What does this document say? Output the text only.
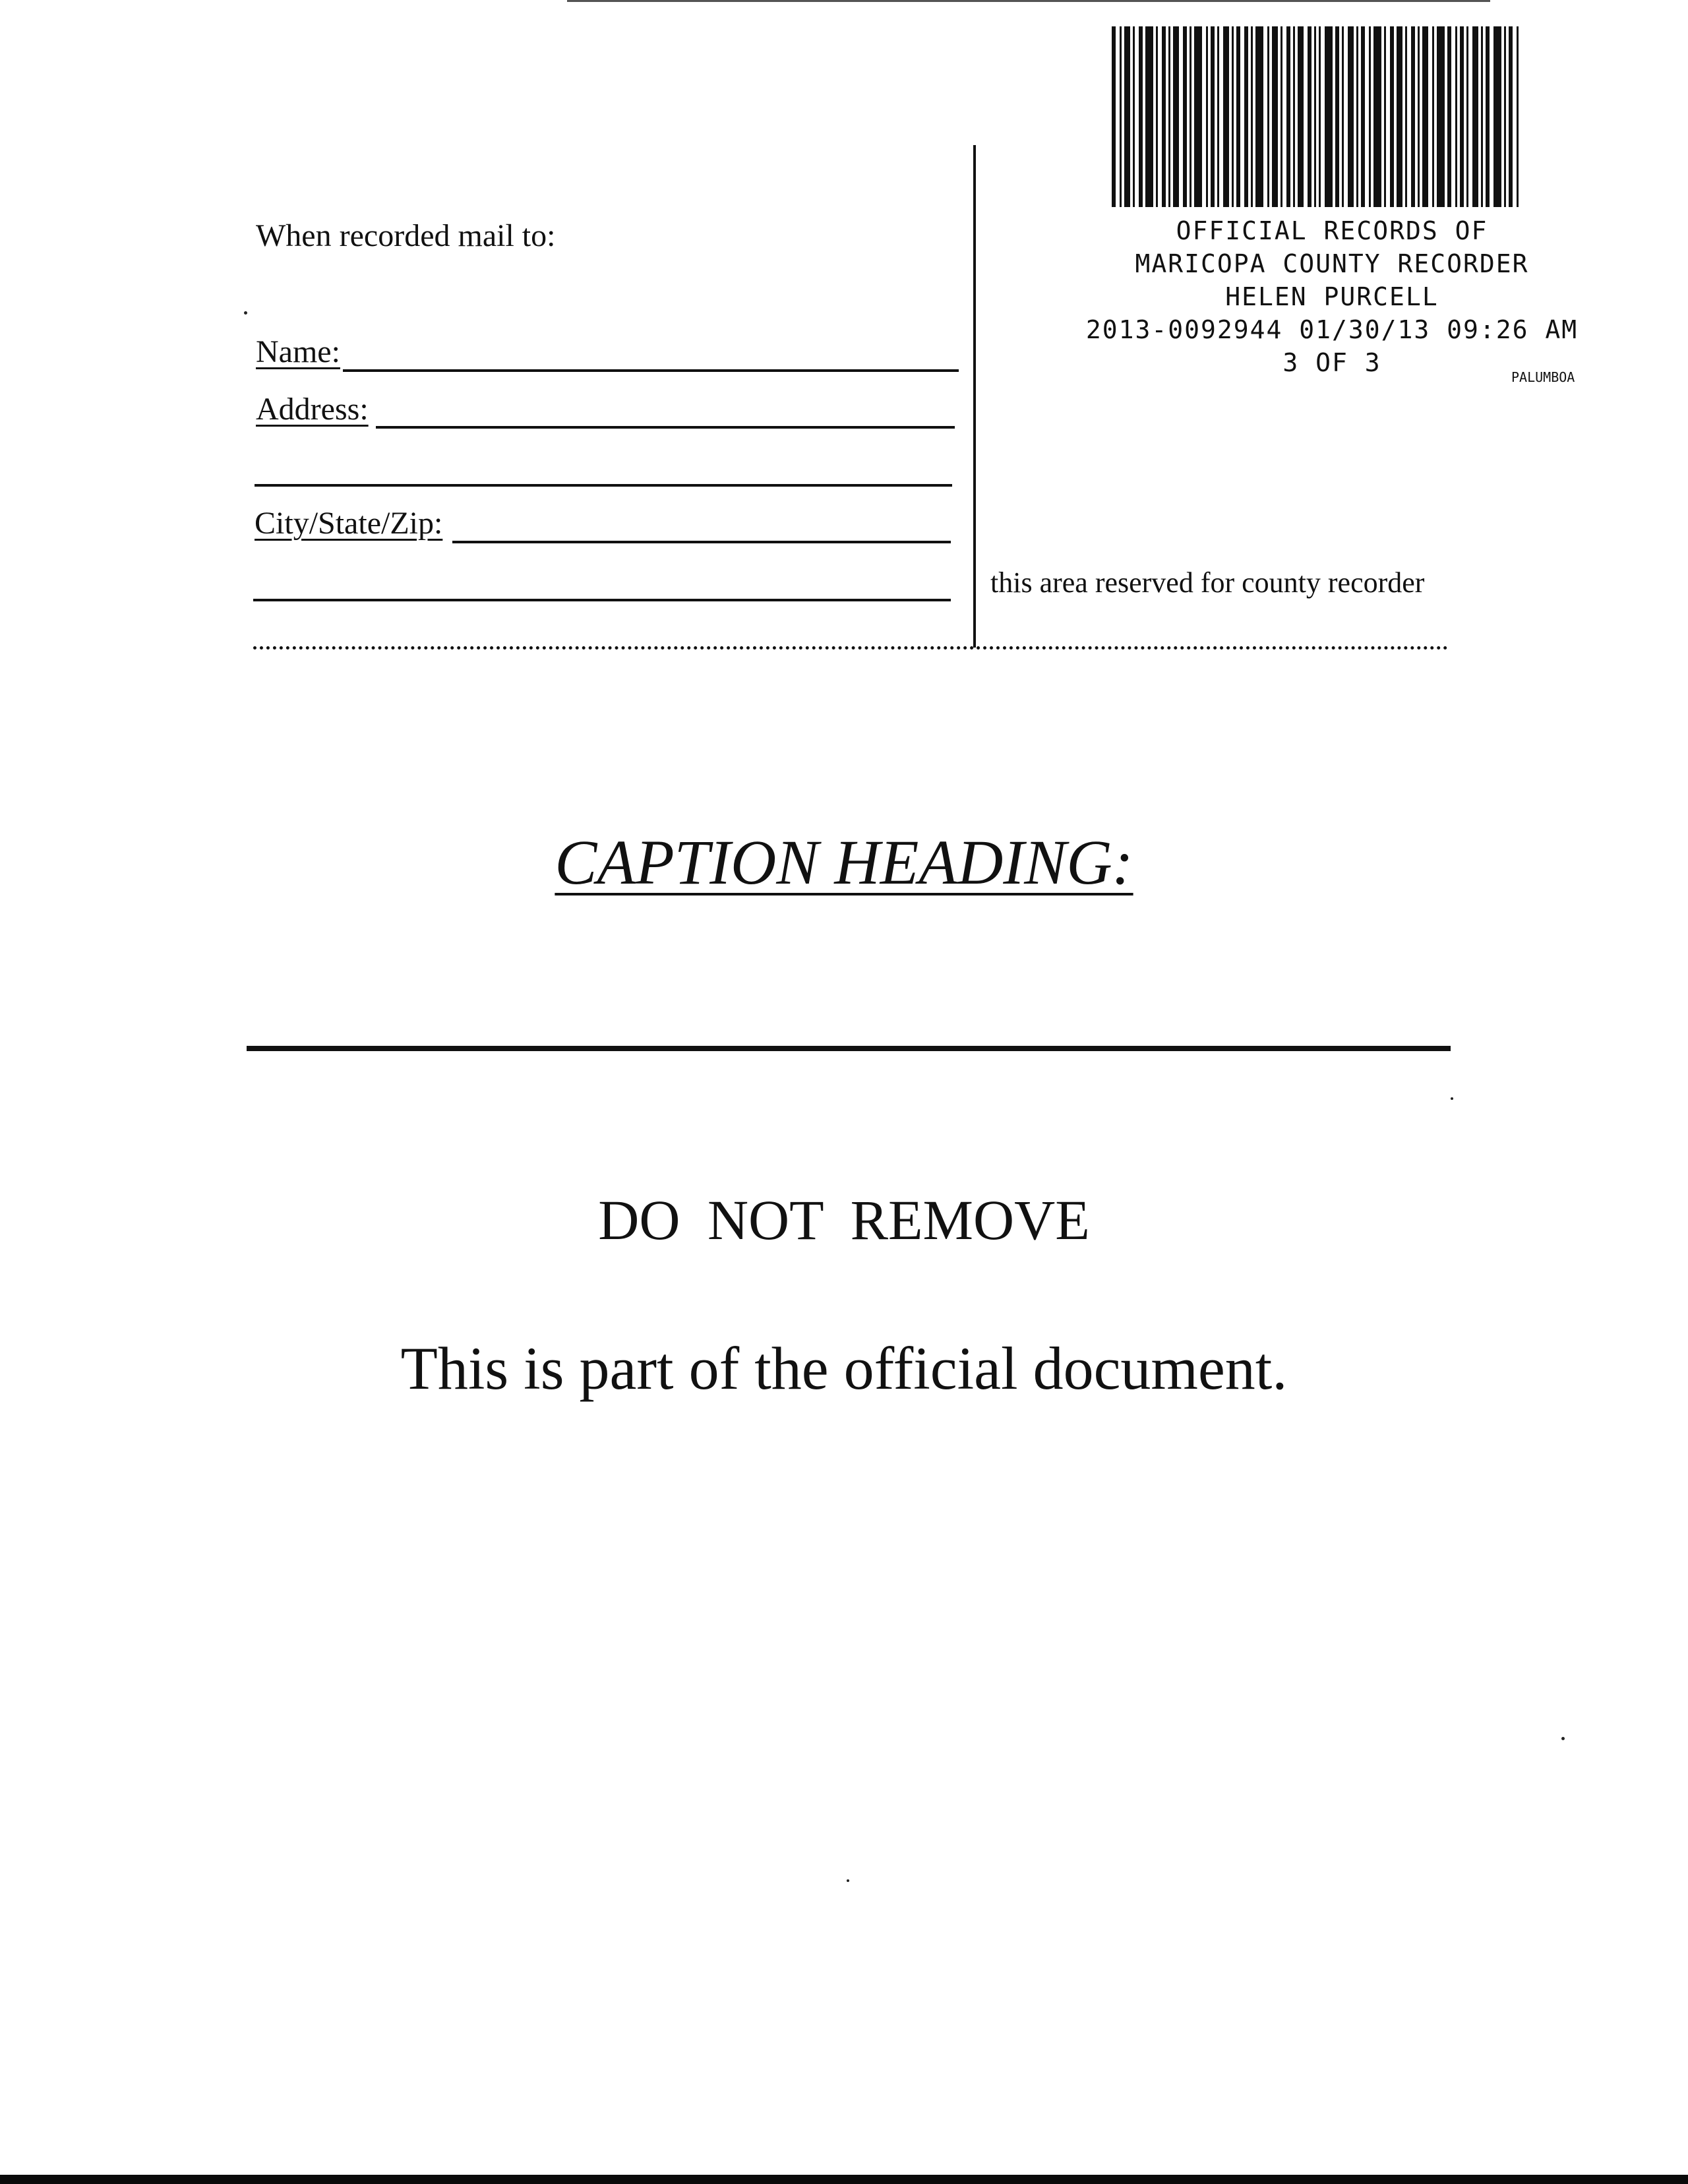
When recorded mail to:
Name:
Address:
City/State/Zip:
this area reserved for county recorder
OFFICIAL RECORDS OF
MARICOPA COUNTY RECORDER
HELEN PURCELL
2013-0092944 01/30/13 09:26 AM
3 OF 3	PALUMBOA
CAPTION HEADING:
DO NOT REMOVE
This is part of the official document.
